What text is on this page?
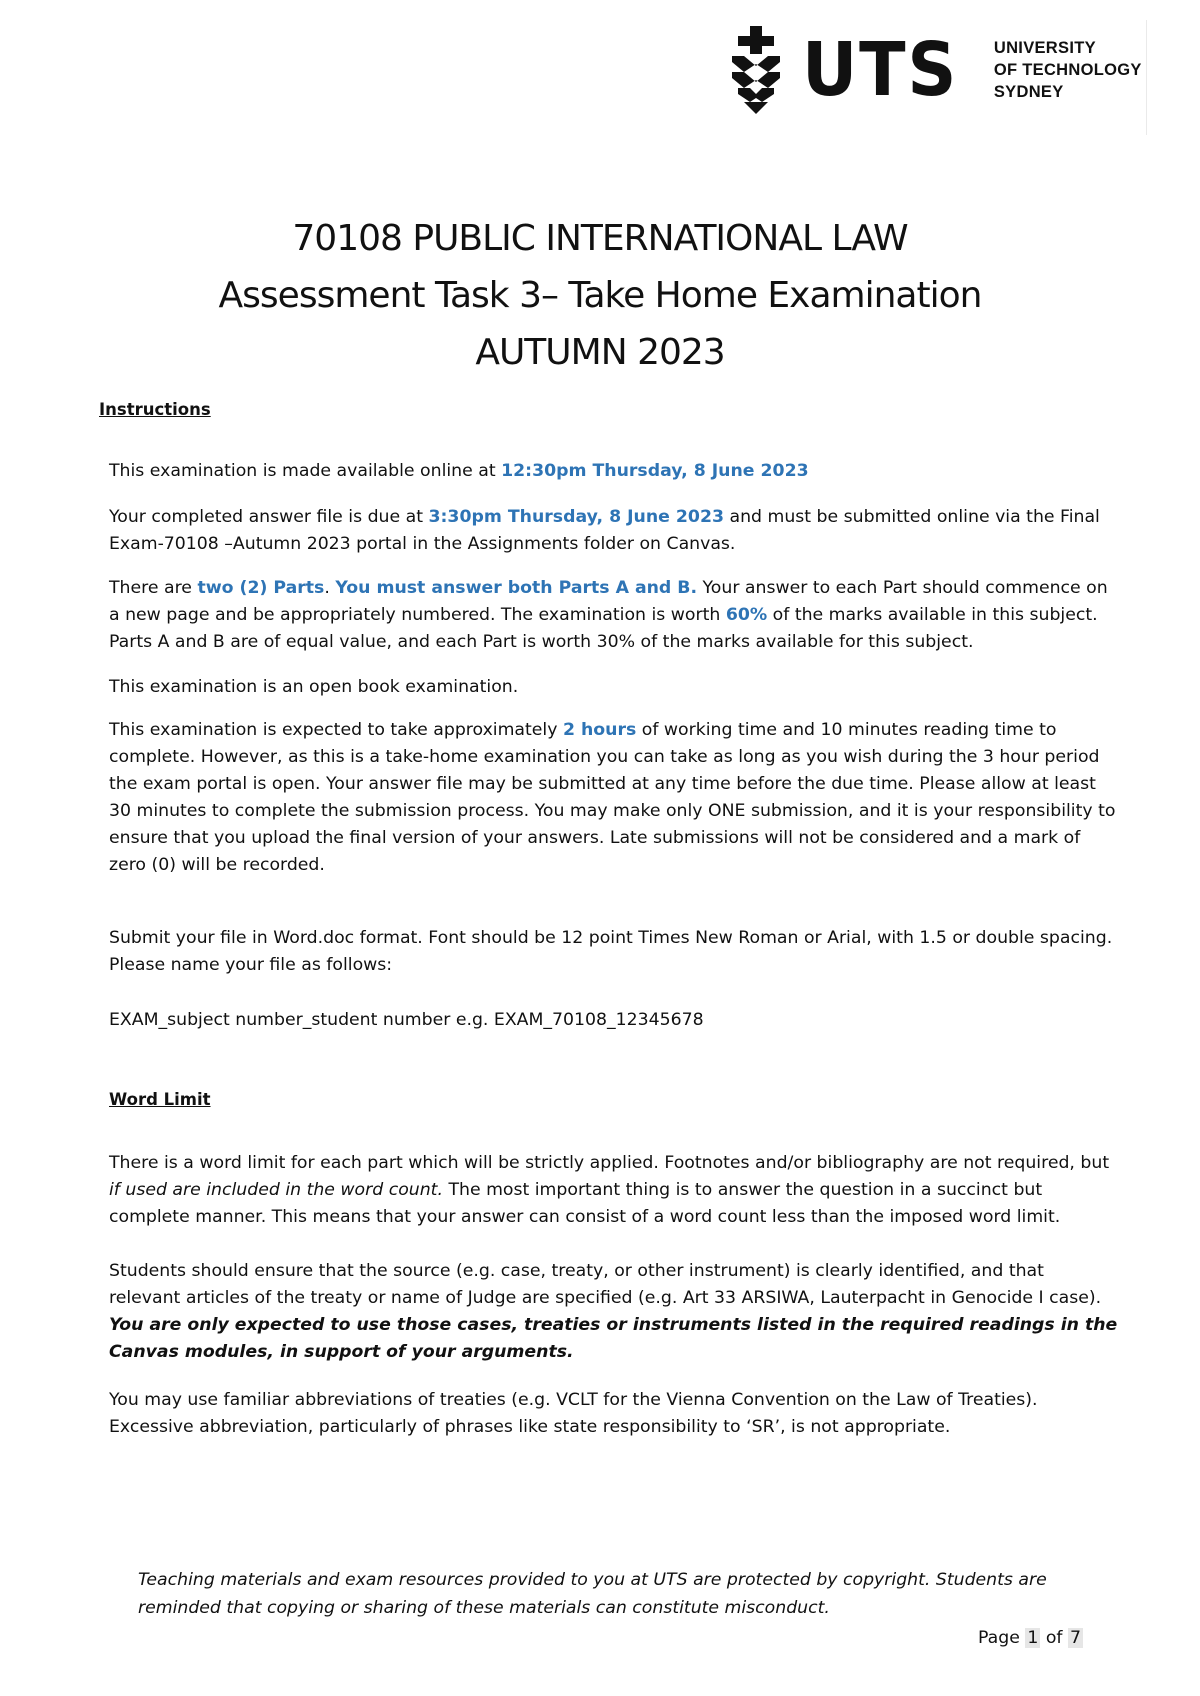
UTS UNIVERSITY
OF TECHNOLOGY
SYDNEY
70108 PUBLIC INTERNATIONAL LAW
Assessment Task 3– Take Home Examination
AUTUMN 2023
Instructions
This examination is made available online at 12:30pm Thursday, 8 June 2023
Your completed answer file is due at 3:30pm Thursday, 8 June 2023 and must be submitted online via the Final Exam-70108 –Autumn 2023 portal in the Assignments folder on Canvas.
There are two (2) Parts. You must answer both Parts A and B. Your answer to each Part should commence on a new page and be appropriately numbered. The examination is worth 60% of the marks available in this subject. Parts A and B are of equal value, and each Part is worth 30% of the marks available for this subject.
This examination is an open book examination.
This examination is expected to take approximately 2 hours of working time and 10 minutes reading time to complete. However, as this is a take-home examination you can take as long as you wish during the 3 hour period the exam portal is open. Your answer file may be submitted at any time before the due time. Please allow at least 30 minutes to complete the submission process. You may make only ONE submission, and it is your responsibility to ensure that you upload the final version of your answers. Late submissions will not be considered and a mark of zero (0) will be recorded.
Submit your file in Word.doc format. Font should be 12 point Times New Roman or Arial, with 1.5 or double spacing. Please name your file as follows:
EXAM_subject number_student number e.g. EXAM_70108_12345678
Word Limit
There is a word limit for each part which will be strictly applied. Footnotes and/or bibliography are not required, but if used are included in the word count. The most important thing is to answer the question in a succinct but complete manner. This means that your answer can consist of a word count less than the imposed word limit.
Students should ensure that the source (e.g. case, treaty, or other instrument) is clearly identified, and that relevant articles of the treaty or name of Judge are specified (e.g. Art 33 ARSIWA, Lauterpacht in Genocide I case). You are only expected to use those cases, treaties or instruments listed in the required readings in the Canvas modules, in support of your arguments.
You may use familiar abbreviations of treaties (e.g. VCLT for the Vienna Convention on the Law of Treaties). Excessive abbreviation, particularly of phrases like state responsibility to ‘SR’, is not appropriate.
Teaching materials and exam resources provided to you at UTS are protected by copyright. Students are reminded that copying or sharing of these materials can constitute misconduct.
Page 1 of 7
